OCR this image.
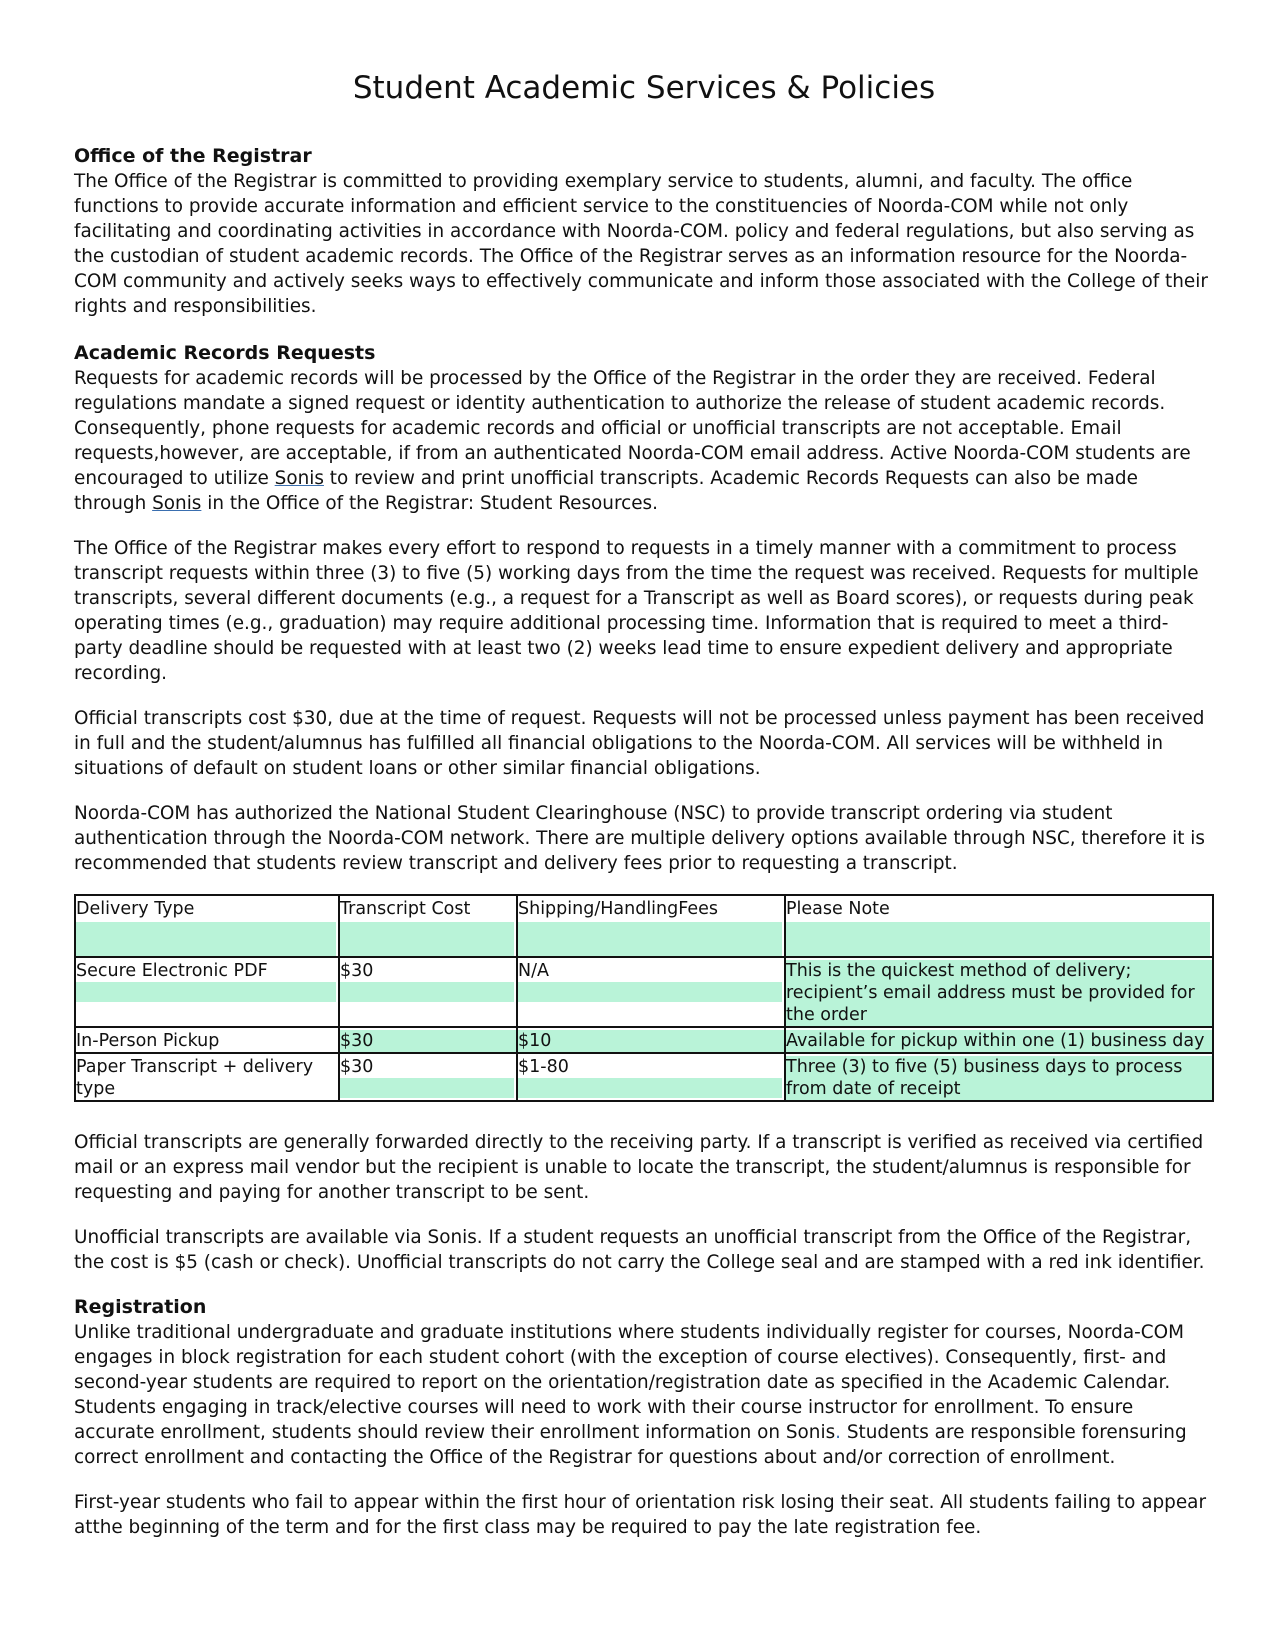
Student Academic Services & Policies
Office of the Registrar

The Office of the Registrar is committed to providing exemplary service to students, alumni, and faculty. The office functions to provide accurate information and efficient service to the constituencies of Noorda-COM while not only facilitating and coordinating activities in accordance with Noorda-COM. policy and federal regulations, but also serving as the custodian of student academic records. The Office of the Registrar serves as an information resource for the Noorda-COM community and actively seeks ways to effectively communicate and inform those associated with the College of their rights and responsibilities.

Academic Records Requests

Requests for academic records will be processed by the Office of the Registrar in the order they are received. Federal regulations mandate a signed request or identity authentication to authorize the release of student academic records. Consequently, phone requests for academic records and official or unofficial transcripts are not acceptable. Email requests,however, are acceptable, if from an authenticated Noorda-COM email address. Active Noorda-COM students are encouraged to utilize Sonis to review and print unofficial transcripts. Academic Records Requests can also be made through Sonis in the Office of the Registrar: Student Resources.

The Office of the Registrar makes every effort to respond to requests in a timely manner with a commitment to process transcript requests within three (3) to five (5) working days from the time the request was received. Requests for multiple transcripts, several different documents (e.g., a request for a Transcript as well as Board scores), or requests during peak operating times (e.g., graduation) may require additional processing time. Information that is required to meet a third-party deadline should be requested with at least two (2) weeks lead time to ensure expedient delivery and appropriate recording.

Official transcripts cost $30, due at the time of request. Requests will not be processed unless payment has been received in full and the student/alumnus has fulfilled all financial obligations to the Noorda-COM. All services will be withheld in situations of default on student loans or other similar financial obligations.

Noorda-COM has authorized the National Student Clearinghouse (NSC) to provide transcript ordering via student authentication through the Noorda-COM network. There are multiple delivery options available through NSC, therefore it is recommended that students review transcript and delivery fees prior to requesting a transcript.

Delivery Type	Transcript Cost	Shipping/HandlingFees	Please Note

Secure Electronic PDF	$30	N/A	This is the quickest method of delivery; recipient’s email address must be provided for the order

In-Person Pickup	$30	$10	Available for pickup within one (1) business day

Paper Transcript + delivery type	$30	$1-80	Three (3) to five (5) business days to process from date of receipt

Official transcripts are generally forwarded directly to the receiving party. If a transcript is verified as received via certified mail or an express mail vendor but the recipient is unable to locate the transcript, the student/alumnus is responsible for requesting and paying for another transcript to be sent.

Unofficial transcripts are available via Sonis. If a student requests an unofficial transcript from the Office of the Registrar, the cost is $5 (cash or check). Unofficial transcripts do not carry the College seal and are stamped with a red ink identifier.

Registration

Unlike traditional undergraduate and graduate institutions where students individually register for courses, Noorda-COM engages in block registration for each student cohort (with the exception of course electives). Consequently, first- and second-year students are required to report on the orientation/registration date as specified in the Academic Calendar. Students engaging in track/elective courses will need to work with their course instructor for enrollment. To ensure accurate enrollment, students should review their enrollment information on Sonis. Students are responsible forensuring correct enrollment and contacting the Office of the Registrar for questions about and/or correction of enrollment.

First-year students who fail to appear within the first hour of orientation risk losing their seat. All students failing to appear atthe beginning of the term and for the first class may be required to pay the late registration fee.
